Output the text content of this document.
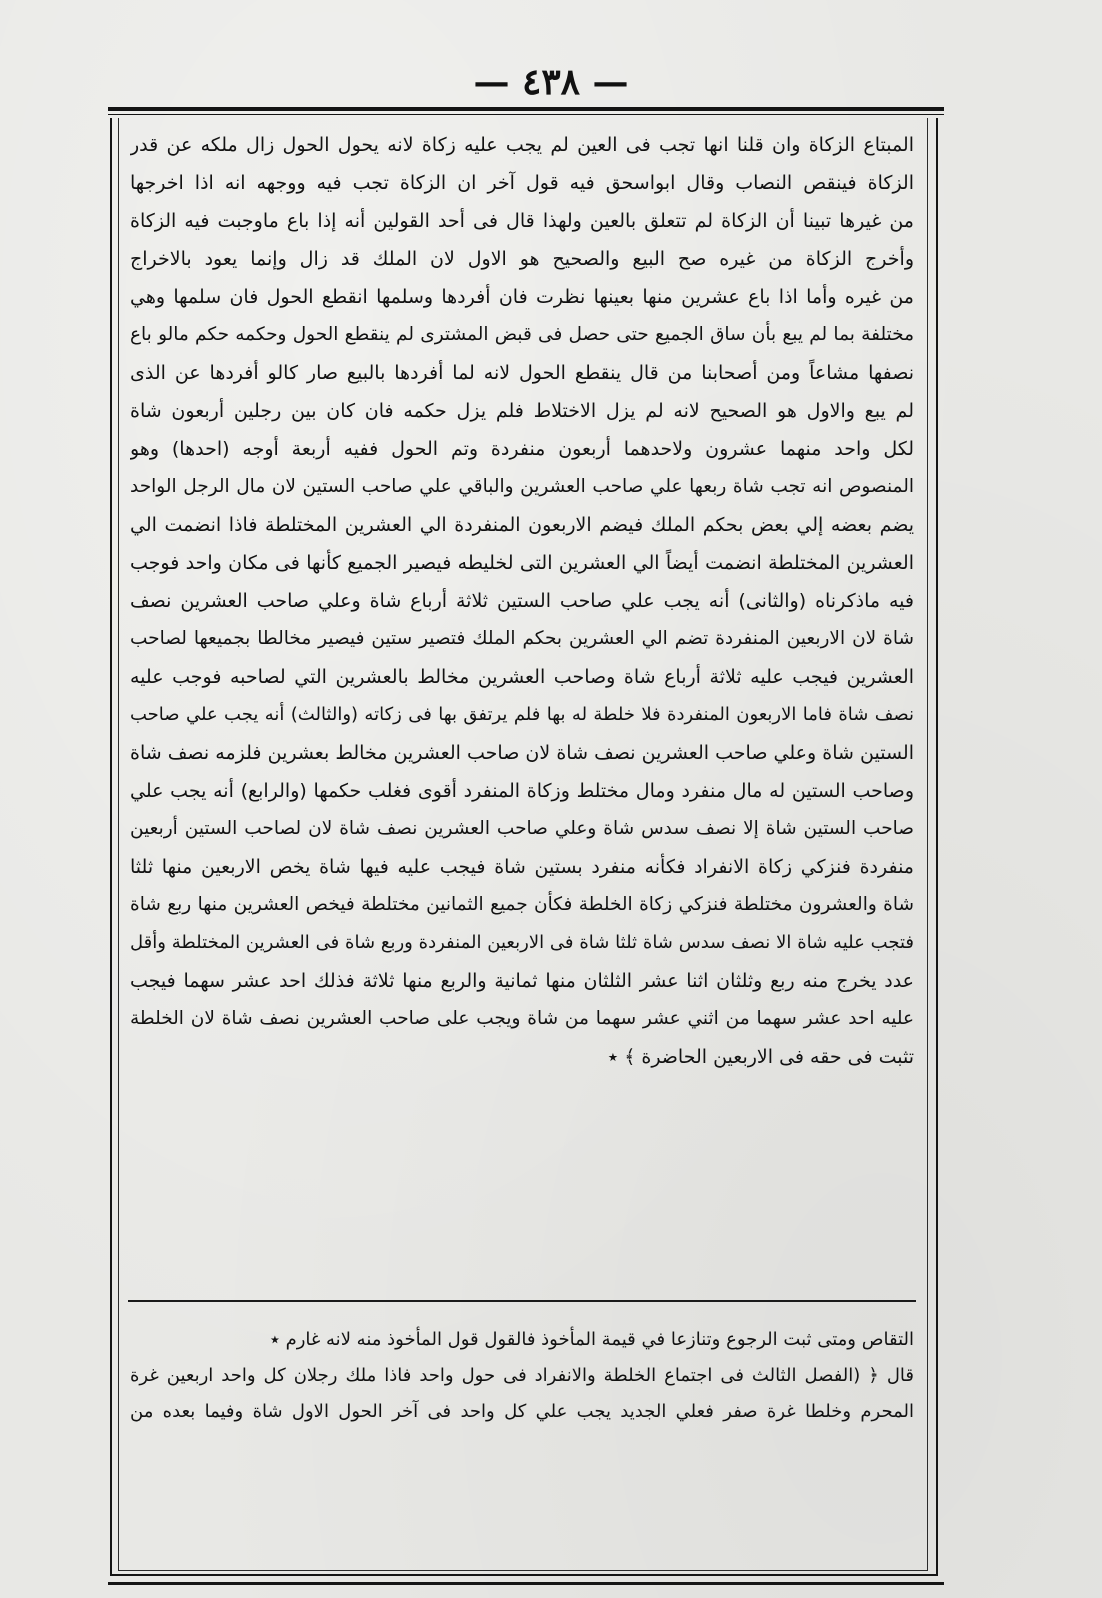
— ٤٣٨ —
المبتاع الزكاة وان قلنا انها تجب فى العين لم يجب عليه زكاة لانه يحول الحول زال ملكه عن قدر
الزكاة فينقص النصاب وقال ابواسحق فيه قول آخر ان الزكاة تجب فيه ووجهه انه اذا اخرجها
من غيرها تبينا أن الزكاة لم تتعلق بالعين ولهذا قال فى أحد القولين أنه إذا باع ماوجبت فيه الزكاة
وأخرج الزكاة من غيره صح البيع والصحيح هو الاول لان الملك قد زال وإنما يعود بالاخراج
من غيره وأما اذا باع عشرين منها بعينها نظرت فان أفردها وسلمها انقطع الحول فان سلمها وهي
مختلفة بما لم يبع بأن ساق الجميع حتى حصل فى قبض المشترى لم ينقطع الحول وحكمه حكم مالو باع
نصفها مشاعاً ومن أصحابنا من قال ينقطع الحول لانه لما أفردها بالبيع صار كالو أفردها عن الذى
لم يبع والاول هو الصحيح لانه لم يزل الاختلاط فلم يزل حكمه فان كان بين رجلين أربعون شاة
لكل واحد منهما عشرون ولاحدهما أربعون منفردة وتم الحول ففيه أربعة أوجه (احدها) وهو
المنصوص انه تجب شاة ربعها علي صاحب العشرين والباقي علي صاحب الستين لان مال الرجل الواحد
يضم بعضه إلي بعض بحكم الملك فيضم الاربعون المنفردة الي العشرين المختلطة فاذا انضمت الي
العشرين المختلطة انضمت أيضاً الي العشرين التى لخليطه فيصير الجميع كأنها فى مكان واحد فوجب
فيه ماذكرناه (والثانى) أنه يجب علي صاحب الستين ثلاثة أرباع شاة وعلي صاحب العشرين نصف
شاة لان الاربعين المنفردة تضم الي العشرين بحكم الملك فتصير ستين فيصير مخالطا بجميعها لصاحب
العشرين فيجب عليه ثلاثة أرباع شاة وصاحب العشرين مخالط بالعشرين التي لصاحبه فوجب عليه
نصف شاة فاما الاربعون المنفردة فلا خلطة له بها فلم يرتفق بها فى زكاته (والثالث) أنه يجب علي صاحب
الستين شاة وعلي صاحب العشرين نصف شاة لان صاحب العشرين مخالط بعشرين فلزمه نصف شاة
وصاحب الستين له مال منفرد ومال مختلط وزكاة المنفرد أقوى فغلب حكمها (والرابع) أنه يجب علي
صاحب الستين شاة إلا نصف سدس شاة وعلي صاحب العشرين نصف شاة لان لصاحب الستين أربعين
منفردة فنزكي زكاة الانفراد فكأنه منفرد بستين شاة فيجب عليه فيها شاة يخص الاربعين منها ثلثا
شاة والعشرون مختلطة فنزكي زكاة الخلطة فكأن جميع الثمانين مختلطة فيخص العشرين منها ربع شاة
فتجب عليه شاة الا نصف سدس شاة ثلثا شاة فى الاربعين المنفردة وربع شاة فى العشرين المختلطة وأقل
عدد يخرج منه ربع وثلثان اثنا عشر الثلثان منها ثمانية والربع منها ثلاثة فذلك احد عشر سهما فيجب
عليه احد عشر سهما من اثني عشر سهما من شاة ويجب على صاحب العشرين نصف شاة لان الخلطة
تثبت فى حقه فى الاربعين الحاضرة ﴾ ٭
التقاص ومتى ثبت الرجوع وتنازعا في قيمة المأخوذ فالقول قول المأخوذ منه لانه غارم ٭
قال ﴿ (الفصل الثالث فى اجتماع الخلطة والانفراد فى حول واحد فاذا ملك رجلان كل واحد اربعين غرة
المحرم وخلطا غرة صفر فعلي الجديد يجب علي كل واحد فى آخر الحول الاول شاة وفيما بعده من
